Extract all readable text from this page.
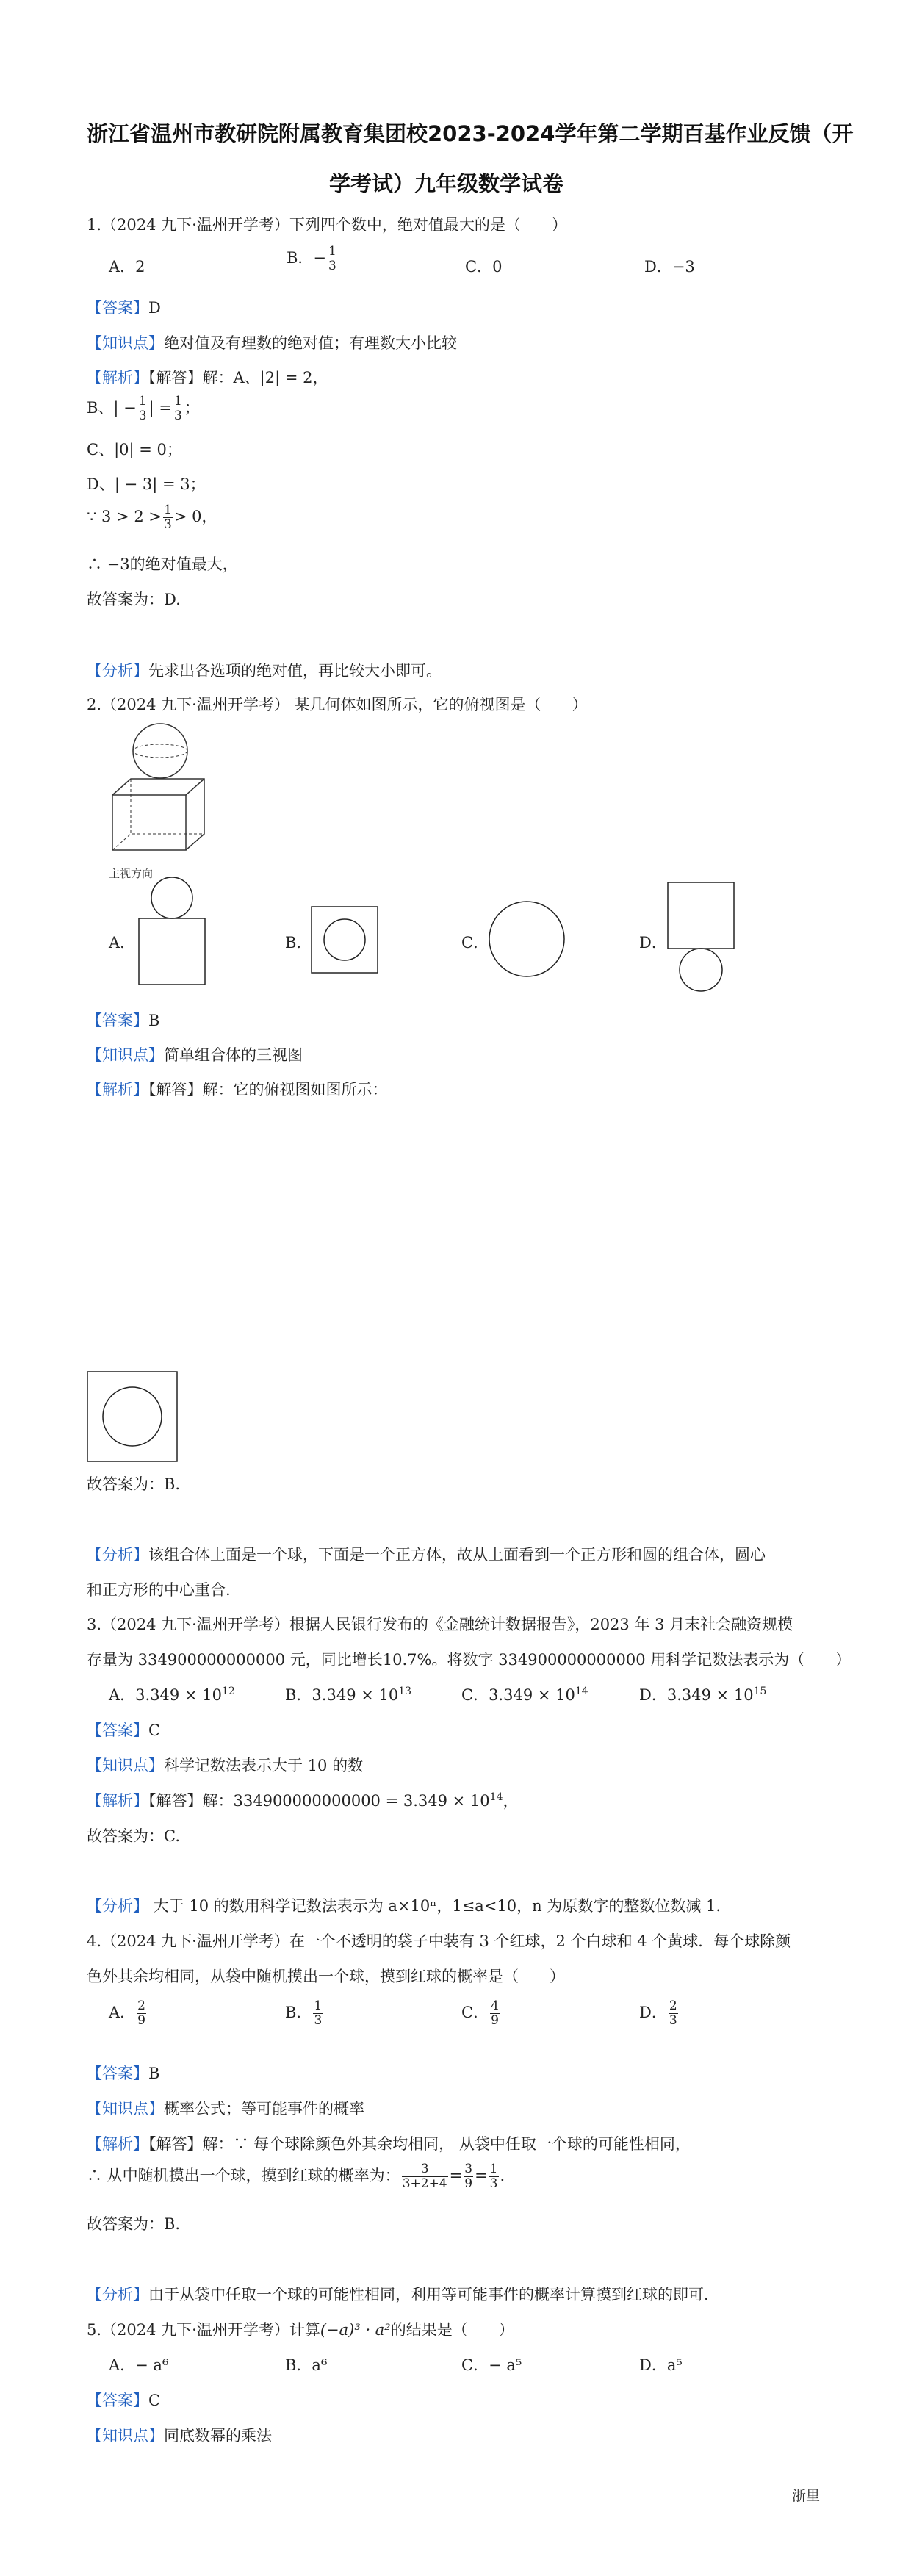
浙江省温州市教研院附属教育集团校2023-2024学年第二学期百基作业反馈（开
学考试）九年级数学试卷
1.（2024 九下·温州开学考）下列四个数中，绝对值最大的是（　　）
A．2	B．− $\frac{1}{3}$	C．0	D．−3
【答案】D
【知识点】绝对值及有理数的绝对值；有理数大小比较
【解析】【解答】解：A、|2| = 2，
B、| − $\frac{1}{3}$ | = $\frac{1}{3}$ ；
C、|0| = 0；
D、| − 3| = 3；
∵ $3 > 2 > \frac{1}{3} > 0$，
∴ −3的绝对值最大，
故答案为：D.
【分析】先求出各选项的绝对值，再比较大小即可。
2.（2024 九下·温州开学考） 某几何体如图所示，它的俯视图是（　　）
主视方向
A．	B．	C．	D．
【答案】B
【知识点】简单组合体的三视图
【解析】【解答】解：它的俯视图如图所示：
故答案为：B.
【分析】该组合体上面是一个球，下面是一个正方体，故从上面看到一个正方形和圆的组合体，圆心
和正方形的中心重合.
3.（2024 九下·温州开学考）根据人民银行发布的《金融统计数据报告》，2023 年 3 月末社会融资规模
存量为 334900000000000 元，同比增长10.7%。将数字 334900000000000 用科学记数法表示为（　　）
A．$3.349 \times 10^{12}$	B．$3.349 \times 10^{13}$	C．$3.349 \times 10^{14}$	D．$3.349 \times 10^{15}$
【答案】C
【知识点】科学记数法表示大于 10 的数
【解析】【解答】解：$334900000000000 = 3.349 \times 10^{14}$，
故答案为：C.
【分析】 大于 10 的数用科学记数法表示为 a×10ⁿ，1≤a<10，n 为原数字的整数位数减 1.
4.（2024 九下·温州开学考）在一个不透明的袋子中装有 3 个红球，2 个白球和 4 个黄球．每个球除颜
色外其余均相同，从袋中随机摸出一个球，摸到红球的概率是（　　）
A． $\frac{2}{9}$	B． $\frac{1}{3}$	C． $\frac{4}{9}$	D． $\frac{2}{3}$
【答案】B
【知识点】概率公式；等可能事件的概率
【解析】【解答】解：∵ 每个球除颜色外其余均相同， 从袋中任取一个球的可能性相同，
∴ 从中随机摸出一个球，摸到红球的概率为： $\frac{3}{3+2+4} = \frac{3}{9} = \frac{1}{3}$ .
故答案为：B.
【分析】由于从袋中任取一个球的可能性相同，利用等可能事件的概率计算摸到红球的即可.
5.（2024 九下·温州开学考）计算(−a)³ · a²的结果是（　　）
A．− a⁶	B．a⁶	C．− a⁵	D．a⁵
【答案】C
【知识点】同底数幂的乘法
浙里
